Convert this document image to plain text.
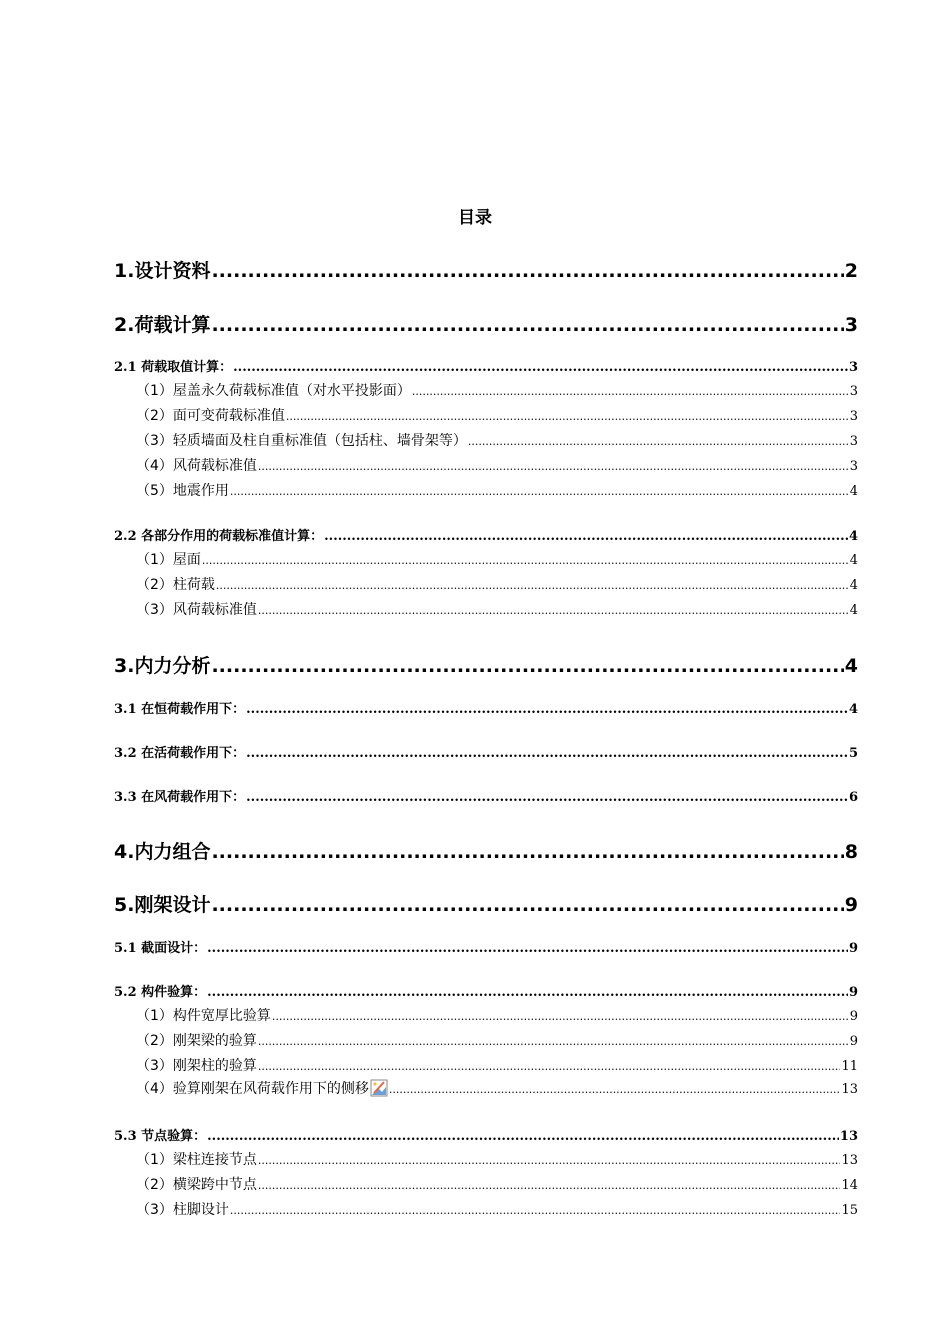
目录
1.设计资料 .....	2
2.荷载计算 .....	3
2.1 荷载取值计算： .....	3
（1）屋盖永久荷载标准值（对水平投影面） .....	3
（2）面可变荷载标准值 .....	3
（3）轻质墙面及柱自重标准值（包括柱、墙骨架等） .....	3
（4）风荷载标准值 .....	3
（5）地震作用 .....	4
2.2 各部分作用的荷载标准值计算： .....	4
（1）屋面 .....	4
（2）柱荷载 .....	4
（3）风荷载标准值 .....	4
3.内力分析 .....	4
3.1 在恒荷载作用下： .....	4
3.2 在活荷载作用下： .....	5
3.3 在风荷载作用下： .....	6
4.内力组合 .....	8
5.刚架设计 .....	9
5.1 截面设计： .....	9
5.2 构件验算： .....	9
（1）构件宽厚比验算 .....	9
（2）刚架梁的验算 .....	9
（3）刚架柱的验算 .....	11
（4）验算刚架在风荷载作用下的侧移 .....	13
5.3 节点验算： .....	13
（1）梁柱连接节点 .....	13
（2）横梁跨中节点 .....	14
（3）柱脚设计 .....	15
